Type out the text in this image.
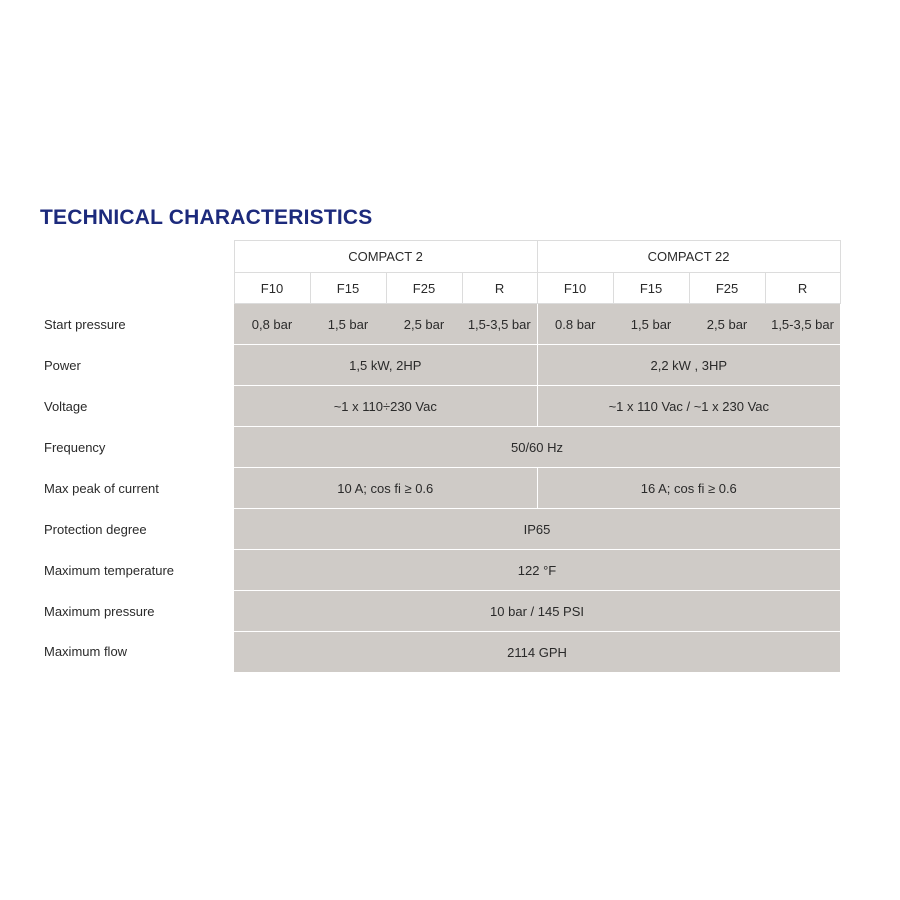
TECHNICAL CHARACTERISTICS
	COMPACT 2				COMPACT 22			
	F10	F15	F25	R	F10	F15	F25	R
Start pressure	0,8 bar	1,5 bar	2,5 bar	1,5-3,5 bar	0.8 bar	1,5 bar	2,5 bar	1,5-3,5 bar
Power	1,5 kW, 2HP				2,2 kW , 3HP			
Voltage	~1 x 110÷230 Vac				~1 x 110 Vac / ~1 x 230 Vac			
Frequency	50/60 Hz							
Max peak of current	10 A; cos fi ≥ 0.6				16 A; cos fi ≥ 0.6			
Protection degree	IP65							
Maximum temperature	122 °F							
Maximum pressure	10 bar / 145 PSI							
Maximum flow	2114 GPH							
